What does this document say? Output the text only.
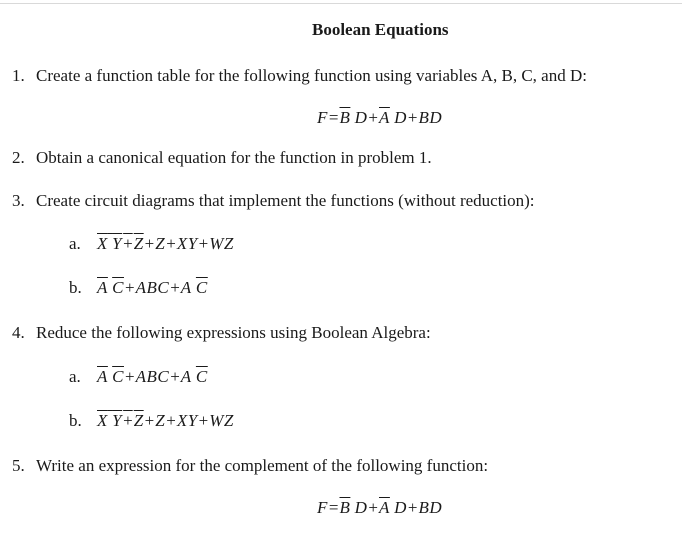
Boolean Equations
1. Create a function table for the following function using variables A, B, C, and D:
$F=\overline{B}$ $D+\overline{A}$ D+BD
2. Obtain a canonical equation for the function in problem 1.
3. Create circuit diagrams that implement the functions (without reduction):
a. X Y+Z+Z+XY+WZ
b. $\overline{A}$ $\overline{C}+ABC+A$ $\overline{C}$
4. Reduce the following expressions using Boolean Algebra:
a. $\overline{A}$ $\overline{C}+ABC+A$ $\overline{C}$
b. X Y+Z+Z+XY+WZ
5. Write an expression for the complement of the following function:
$F=\overline{B}$ $D+\overline{A}$ D+BD
